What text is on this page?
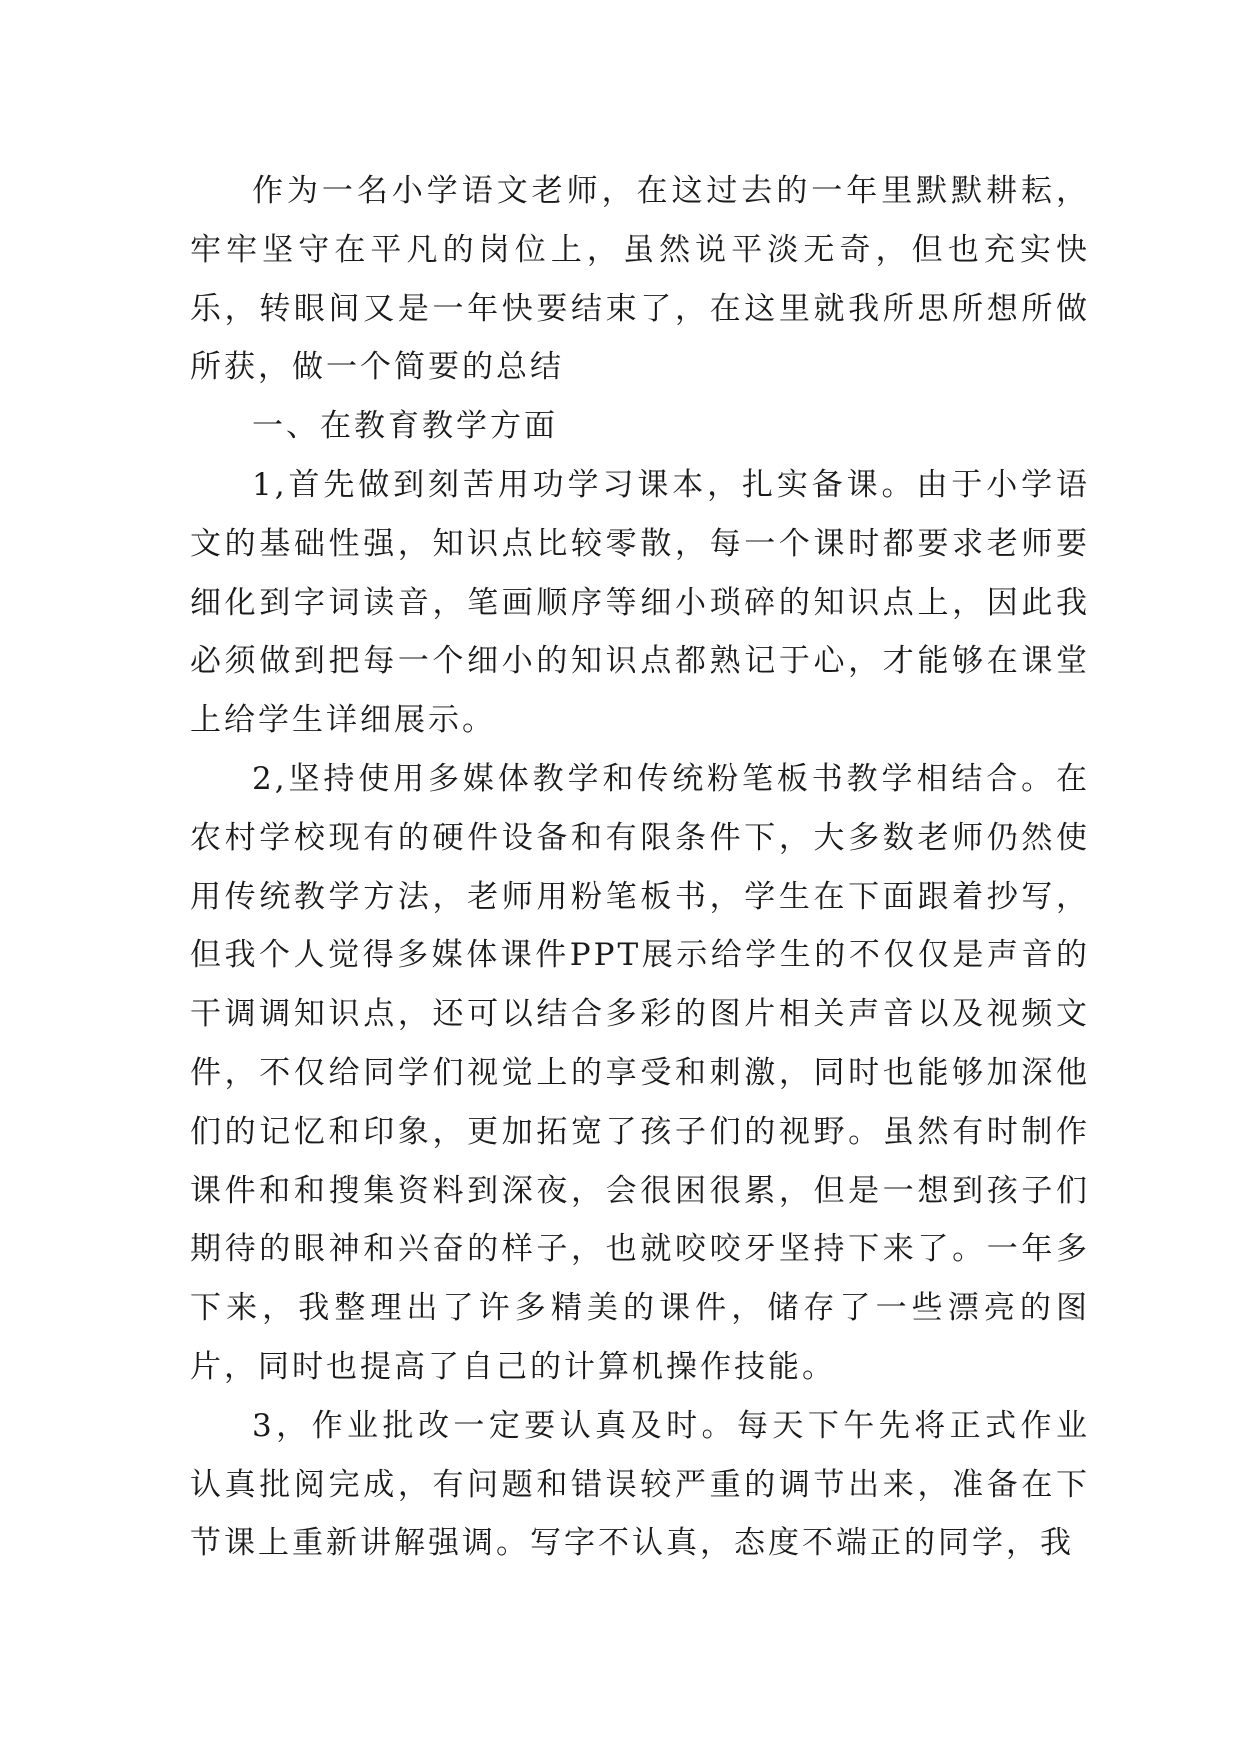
作为一名小学语文老师，在这过去的一年里默默耕耘，牢牢坚守在平凡的岗位上，虽然说平淡无奇，但也充实快乐，转眼间又是一年快要结束了，在这里就我所思所想所做所获，做一个简要的总结

一、在教育教学方面

1,首先做到刻苦用功学习课本，扎实备课。由于小学语文的基础性强，知识点比较零散，每一个课时都要求老师要细化到字词读音，笔画顺序等细小琐碎的知识点上，因此我必须做到把每一个细小的知识点都熟记于心，才能够在课堂上给学生详细展示。

2,坚持使用多媒体教学和传统粉笔板书教学相结合。在农村学校现有的硬件设备和有限条件下，大多数老师仍然使用传统教学方法，老师用粉笔板书，学生在下面跟着抄写，但我个人觉得多媒体课件PPT展示给学生的不仅仅是声音的干调调知识点，还可以结合多彩的图片相关声音以及视频文件，不仅给同学们视觉上的享受和刺激，同时也能够加深他们的记忆和印象，更加拓宽了孩子们的视野。虽然有时制作课件和和搜集资料到深夜，会很困很累，但是一想到孩子们期待的眼神和兴奋的样子，也就咬咬牙坚持下来了。一年多下来，我整理出了许多精美的课件，储存了一些漂亮的图片，同时也提高了自己的计算机操作技能。

3，作业批改一定要认真及时。每天下午先将正式作业认真批阅完成，有问题和错误较严重的调节出来，准备在下节课上重新讲解强调。写字不认真，态度不端正的同学，我
